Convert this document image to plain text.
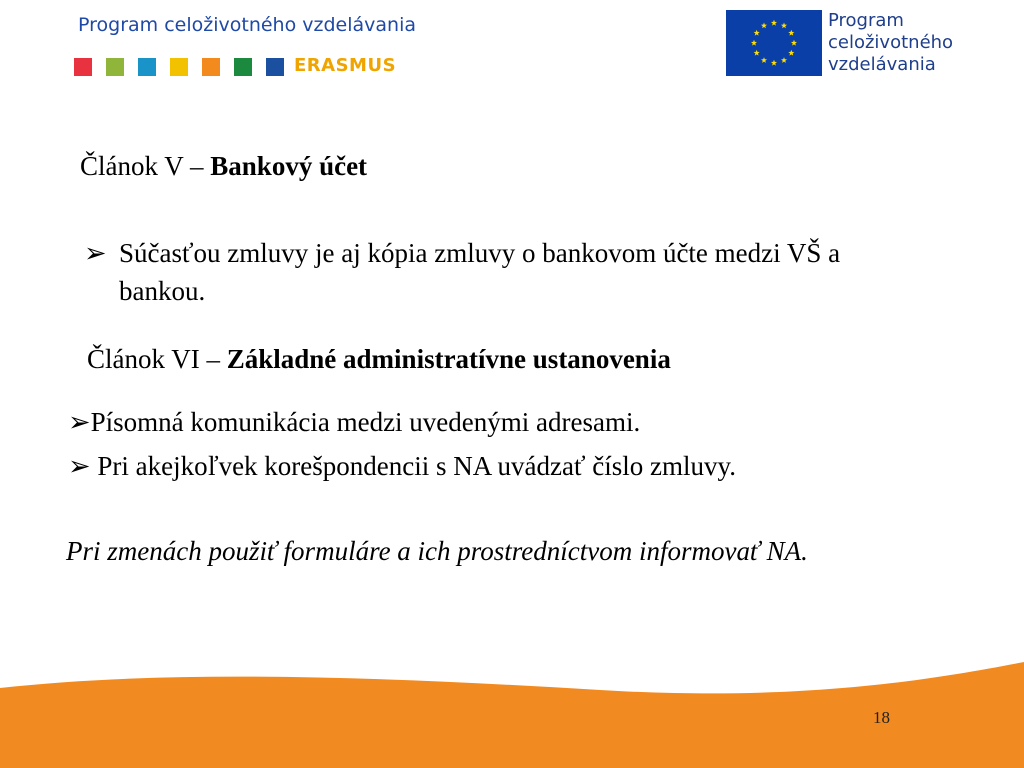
Program celoživotného vzdelávania
ERASMUS
Program
celoživotného
vzdelávania
Článok V – Bankový účet
➢ Súčasťou zmluvy je aj kópia zmluvy o bankovom účte medzi VŠ a bankou.
Článok VI – Základné administratívne ustanovenia
➢Písomná komunikácia medzi uvedenými adresami.
➢ Pri akejkoľvek korešpondencii s NA uvádzať číslo zmluvy.
Pri zmenách použiť formuláre a ich prostredníctvom informovať NA.
18
